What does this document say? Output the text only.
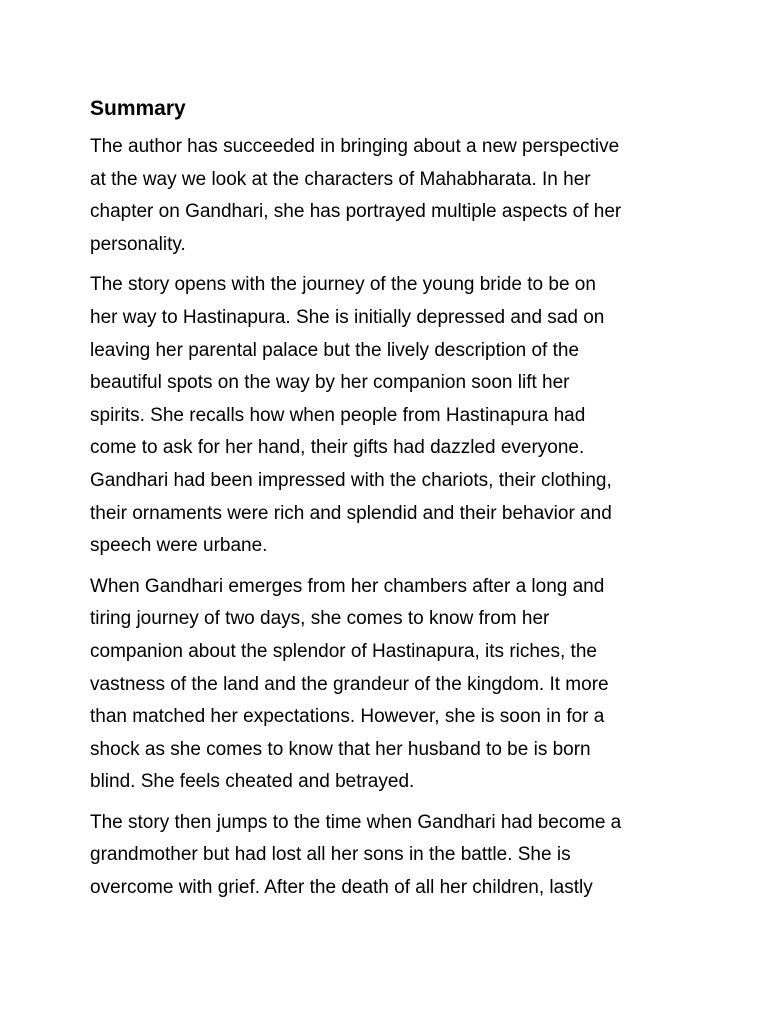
Summary
The author has succeeded in bringing about a new perspective
at the way we look at the characters of Mahabharata. In her
chapter on Gandhari, she has portrayed multiple aspects of her
personality.
The story opens with the journey of the young bride to be on
her way to Hastinapura. She is initially depressed and sad on
leaving her parental palace but the lively description of the
beautiful spots on the way by her companion soon lift her
spirits. She recalls how when people from Hastinapura had
come to ask for her hand, their gifts had dazzled everyone.
Gandhari had been impressed with the chariots, their clothing,
their ornaments were rich and splendid and their behavior and
speech were urbane.
When Gandhari emerges from her chambers after a long and
tiring journey of two days, she comes to know from her
companion about the splendor of Hastinapura, its riches, the
vastness of the land and the grandeur of the kingdom. It more
than matched her expectations. However, she is soon in for a
shock as she comes to know that her husband to be is born
blind. She feels cheated and betrayed.
The story then jumps to the time when Gandhari had become a
grandmother but had lost all her sons in the battle. She is
overcome with grief. After the death of all her children, lastly
